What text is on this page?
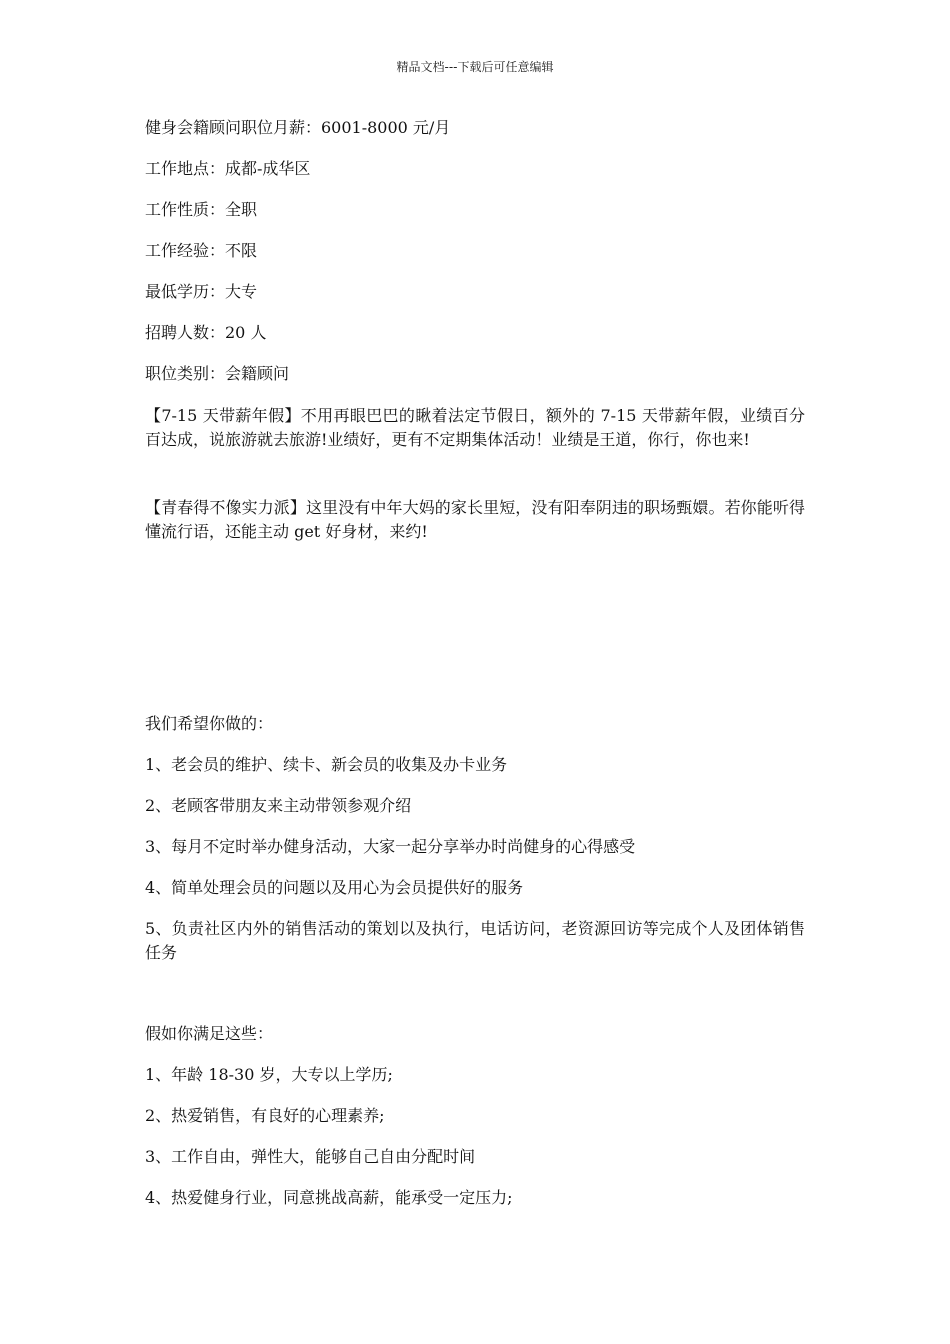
精品文档---下载后可任意编辑
健身会籍顾问职位月薪：6001-8000 元/月
工作地点：成都-成华区
工作性质：全职
工作经验：不限
最低学历：大专
招聘人数：20 人
职位类别：会籍顾问
【7-15 天带薪年假】不用再眼巴巴的瞅着法定节假日，额外的 7-15 天带薪年假，业绩百分百达成，说旅游就去旅游!业绩好，更有不定期集体活动！业绩是王道，你行，你也来!
【青春得不像实力派】这里没有中年大妈的家长里短，没有阳奉阴违的职场甄嬛。若你能听得懂流行语，还能主动 get 好身材，来约!
我们希望你做的：
1、老会员的维护、续卡、新会员的收集及办卡业务
2、老顾客带朋友来主动带领参观介绍
3、每月不定时举办健身活动，大家一起分享举办时尚健身的心得感受
4、简单处理会员的问题以及用心为会员提供好的服务
5、负责社区内外的销售活动的策划以及执行，电话访问，老资源回访等完成个人及团体销售任务
假如你满足这些：
1、年龄 18-30 岁，大专以上学历;
2、热爱销售，有良好的心理素养;
3、工作自由，弹性大，能够自己自由分配时间
4、热爱健身行业，同意挑战高薪，能承受一定压力;
